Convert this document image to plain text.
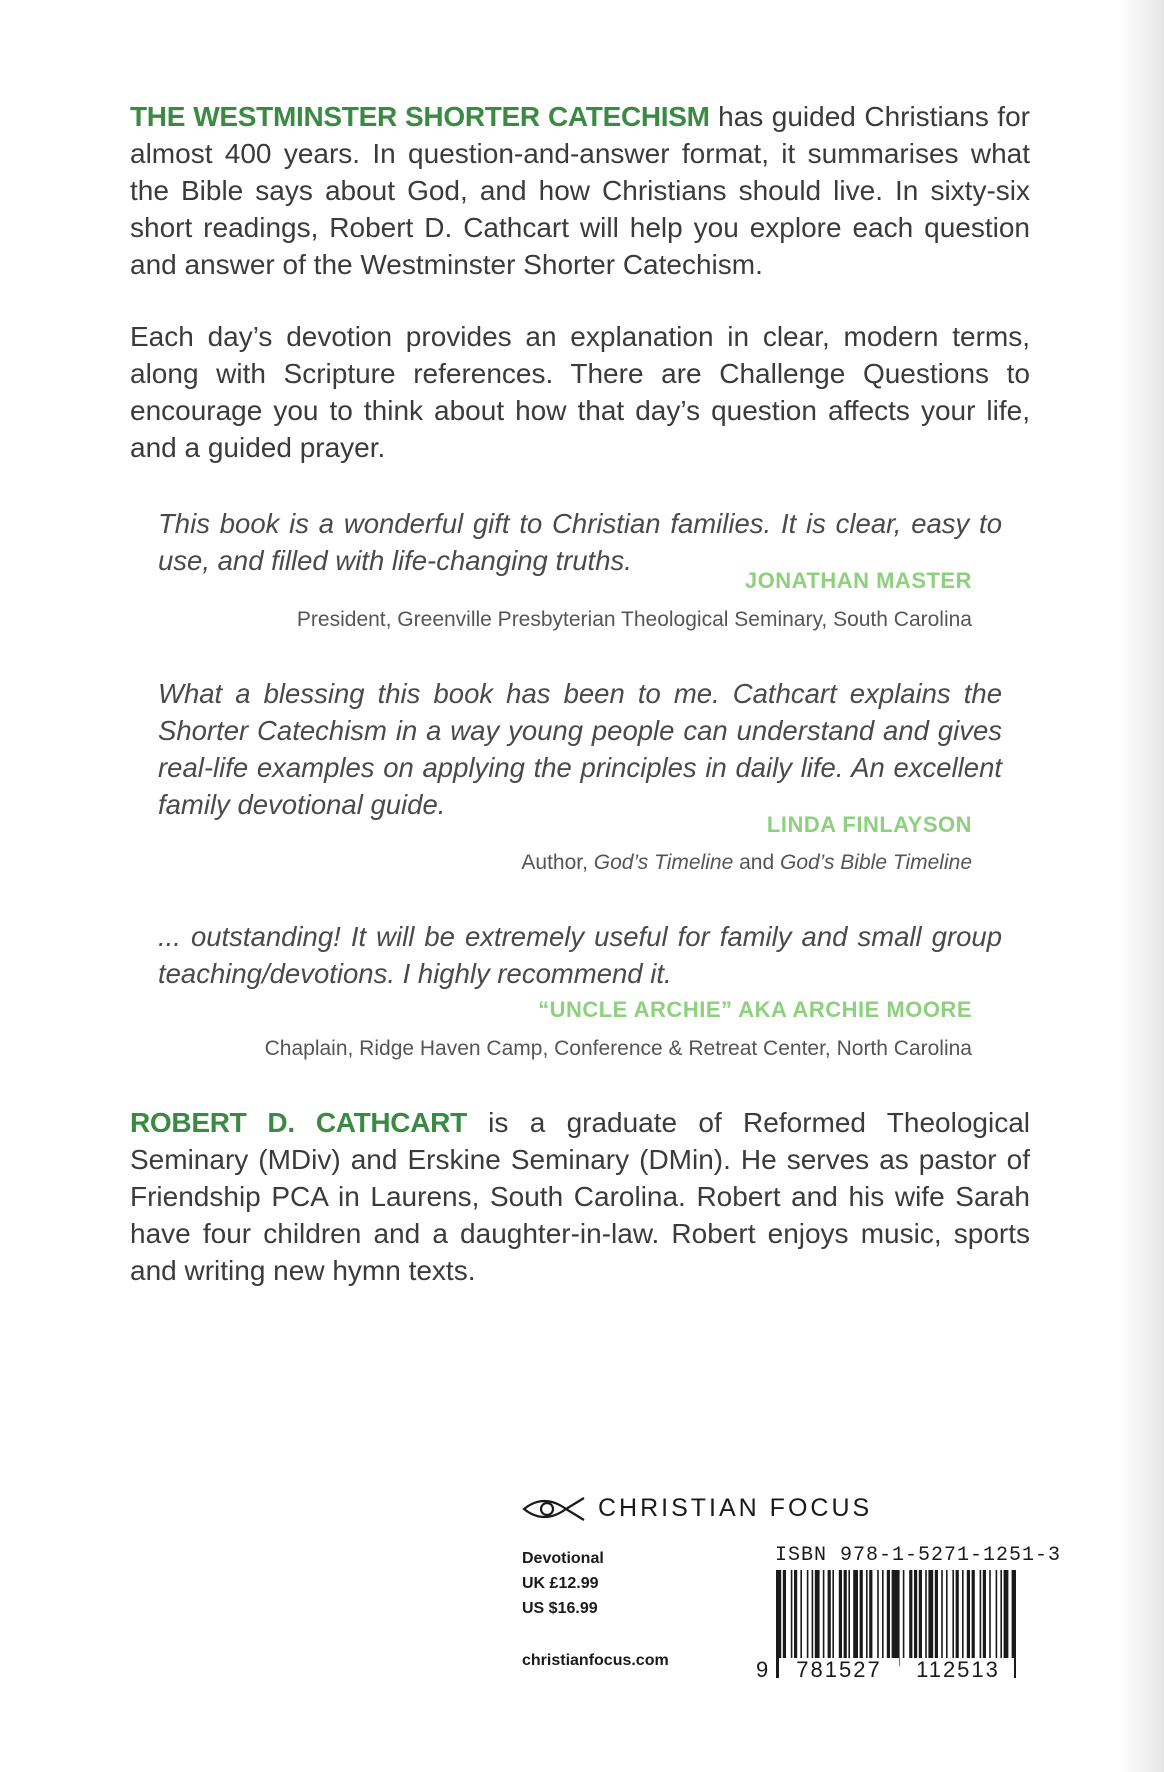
THE WESTMINSTER SHORTER CATECHISM has guided Christians for almost 400 years. In question-and-answer format, it summarises what the Bible says about God, and how Christians should live. In sixty-six short readings, Robert D. Cathcart will help you explore each question and answer of the Westminster Shorter Catechism.

Each day’s devotion provides an explanation in clear, modern terms, along with Scripture references. There are Challenge Questions to encourage you to think about how that day’s question affects your life, and a guided prayer.

This book is a wonderful gift to Christian families. It is clear, easy to use, and filled with life-changing truths.

JONATHAN MASTER
President, Greenville Presbyterian Theological Seminary, South Carolina

What a blessing this book has been to me. Cathcart explains the Shorter Catechism in a way young people can understand and gives real-life examples on applying the principles in daily life. An excellent family devotional guide.

LINDA FINLAYSON
Author, God’s Timeline and God’s Bible Timeline

... outstanding! It will be extremely useful for family and small group teaching/devotions. I highly recommend it.

“UNCLE ARCHIE” AKA ARCHIE MOORE
Chaplain, Ridge Haven Camp, Conference & Retreat Center, North Carolina

ROBERT D. CATHCART is a graduate of Reformed Theological Seminary (MDiv) and Erskine Seminary (DMin). He serves as pastor of Friendship PCA in Laurens, South Carolina. Robert and his wife Sarah have four children and a daughter-in-law. Robert enjoys music, sports and writing new hymn texts.

CHRISTIAN FOCUS
Devotional
UK £12.99
US $16.99
christianfocus.com
ISBN 978-1-5271-1251-3
9 781527 112513
